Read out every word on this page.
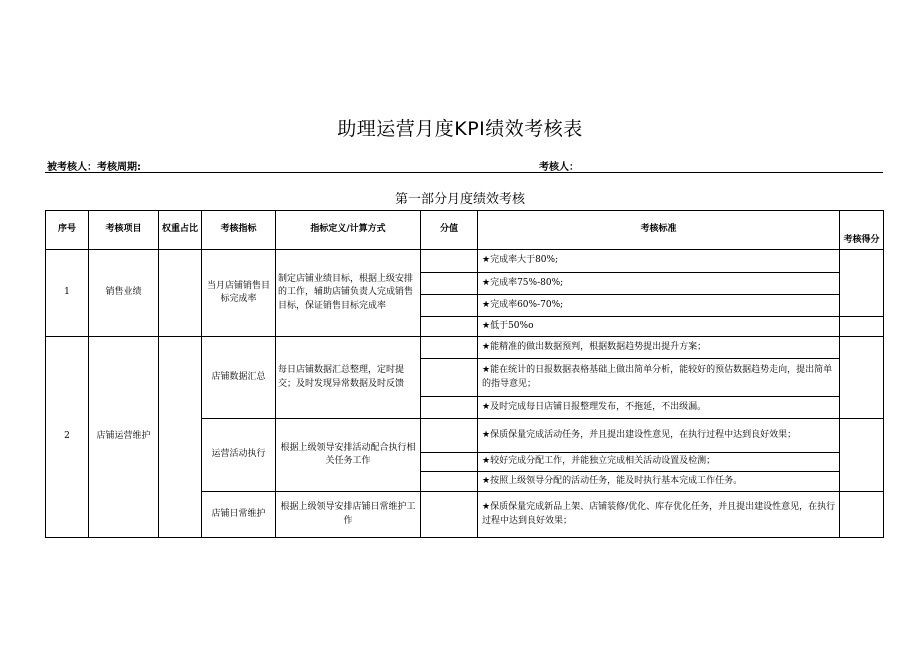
助理运营月度KPI绩效考核表
被考核人：考核周期:	考核人：
第一部分月度绩效考核
序号	考核项目	权重占比	考核指标	指标定义/计算方式	分值	考核标准	考核得分
1	销售业绩		当月店铺销售目标完成率	制定店铺业绩目标，根据上级安排的工作，辅助店铺负责人完成销售目标，保证销售目标完成率		★完成率大于80%;	
						★完成率75%-80%;	
						★完成率60%-70%;	
						★低于50%o	
2	店铺运营维护		店铺数据汇总	每日店铺数据汇总整理，定时提交；及时发现异常数据及时反馈		★能精准的做出数据预判，根据数据趋势提出提升方案；	
						★能在统计的日报数据表格基础上做出简单分析，能较好的预估数据趋势走向，提出简单的指导意见；	
						★及时完成每日店铺日报整理发布，不拖延，不出级漏。	
			运营活动执行	根据上级领导安排活动配合执行相关任务工作		★保质保量完成活动任务，并且提出建设性意见，在执行过程中达到良好效果；	
						★较好完成分配工作，并能独立完成相关活动设置及检测；	
						★按照上级领导分配的活动任务，能及时执行基本完成工作任务。	
			店铺日常维护	根据上级领导安排店铺日常维护工作		★保质保量完成新品上架、店铺装修/优化、库存优化任务，并且提出建设性意见，在执行过程中达到良好效果；	
